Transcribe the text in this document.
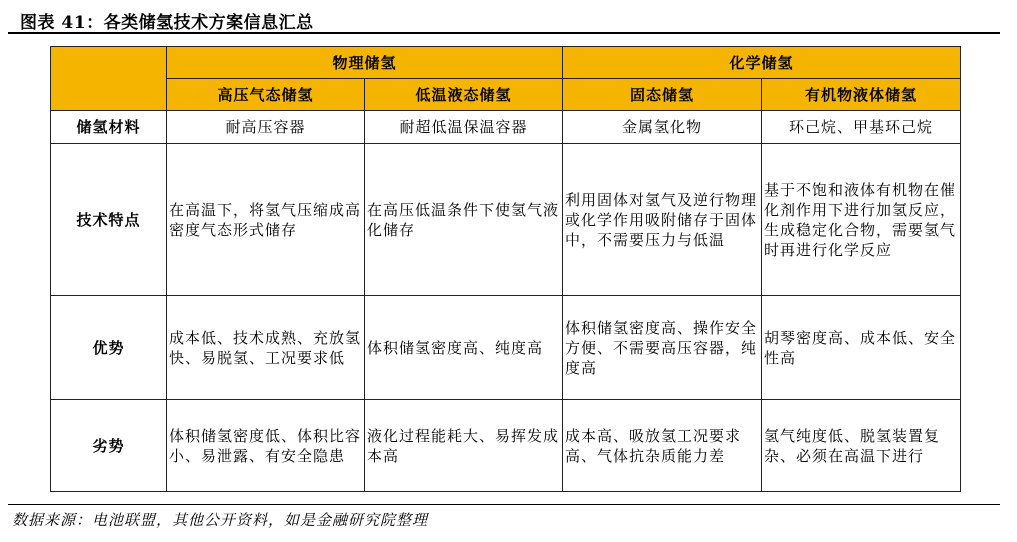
图表 41：各类储氢技术方案信息汇总
	物理储氢		化学储氢	
	高压气态储氢	低温液态储氢	固态储氢	有机物液体储氢
储氢材料	耐高压容器	耐超低温保温容器	金属氢化物	环己烷、甲基环己烷
技术特点	在高温下，将氢气压缩成高密度气态形式储存	在高压低温条件下使氢气液化储存	利用固体对氢气及逆行物理或化学作用吸附储存于固体中，不需要压力与低温	基于不饱和液体有机物在催化剂作用下进行加氢反应，生成稳定化合物，需要氢气时再进行化学反应
优势	成本低、技术成熟、充放氢快、易脱氢、工况要求低	体积储氢密度高、纯度高	体积储氢密度高、操作安全方便、不需要高压容器，纯度高	胡琴密度高、成本低、安全性高
劣势	体积储氢密度低、体积比容小、易泄露、有安全隐患	液化过程能耗大、易挥发成本高	成本高、吸放氢工况要求高、气体抗杂质能力差	氢气纯度低、脱氢装置复杂、必须在高温下进行
数据来源：电池联盟，其他公开资料，如是金融研究院整理
